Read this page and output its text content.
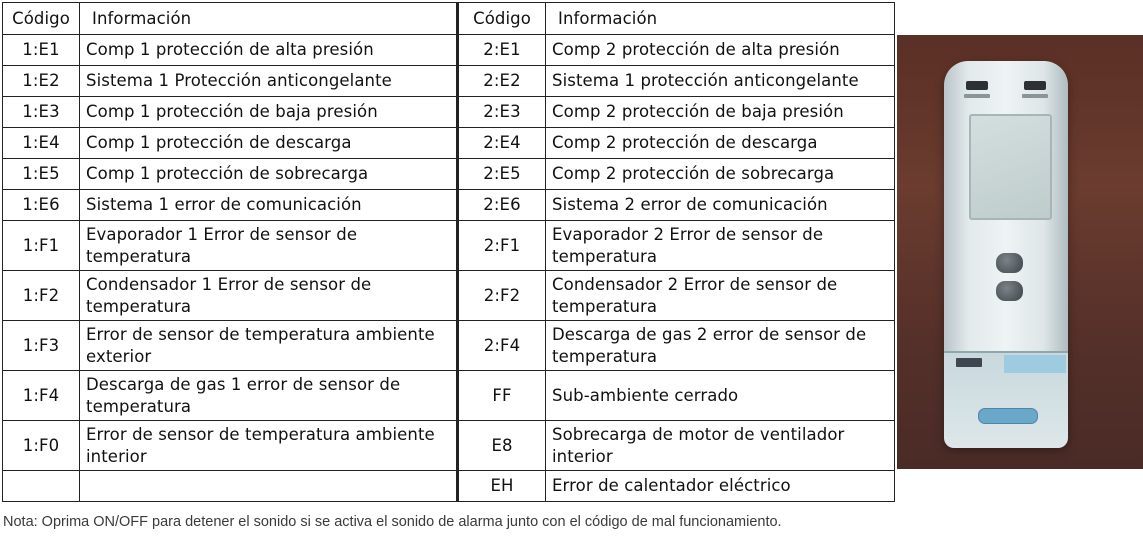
Código	Información	Código	Información
1:E1	Comp 1 protección de alta presión	2:E1	Comp 2 protección de alta presión
1:E2	Sistema 1 Protección anticongelante	2:E2	Sistema 1 protección anticongelante
1:E3	Comp 1 protección de baja presión	2:E3	Comp 2 protección de baja presión
1:E4	Comp 1 protección de descarga	2:E4	Comp 2 protección de descarga
1:E5	Comp 1 protección de sobrecarga	2:E5	Comp 2 protección de sobrecarga
1:E6	Sistema 1 error de comunicación	2:E6	Sistema 2 error de comunicación
1:F1	Evaporador 1 Error de sensor de temperatura	2:F1	Evaporador 2 Error de sensor de temperatura
1:F2	Condensador 1 Error de sensor de temperatura	2:F2	Condensador 2 Error de sensor de temperatura
1:F3	Error de sensor de temperatura ambiente exterior	2:F4	Descarga de gas 2 error de sensor de temperatura
1:F4	Descarga de gas 1 error de sensor de temperatura	FF	Sub-ambiente cerrado
1:F0	Error de sensor de temperatura ambiente interior	E8	Sobrecarga de motor de ventilador interior
		EH	Error de calentador eléctrico
Nota: Oprima ON/OFF para detener el sonido si se activa el sonido de alarma junto con el código de mal funcionamiento.
